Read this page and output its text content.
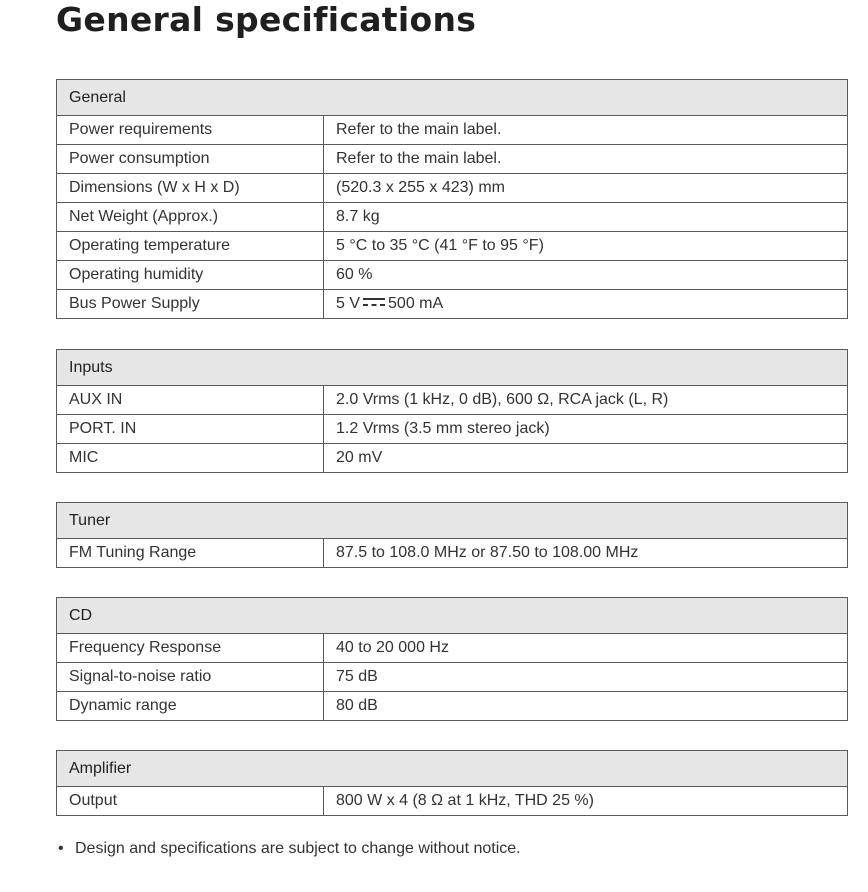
General specifications
General	
Power requirements	Refer to the main label.
Power consumption	Refer to the main label.
Dimensions (W x H x D)	(520.3 x 255 x 423) mm
Net Weight (Approx.)	8.7 kg
Operating temperature	5 °C to 35 °C (41 °F to 95 °F)
Operating humidity	60 %
Bus Power Supply	5 V 500 mA
Inputs	
AUX IN	2.0 Vrms (1 kHz, 0 dB), 600 Ω, RCA jack (L, R)
PORT. IN	1.2 Vrms (3.5 mm stereo jack)
MIC	20 mV
Tuner
FM Tuning Range	87.5 to 108.0 MHz or 87.50 to 108.00 MHz
CD	
Frequency Response	40 to 20 000 Hz
Signal-to-noise ratio	75 dB
Dynamic range	80 dB
Amplifier
Output	800 W x 4 (8 Ω at 1 kHz, THD 25 %)
• Design and specifications are subject to change without notice.
